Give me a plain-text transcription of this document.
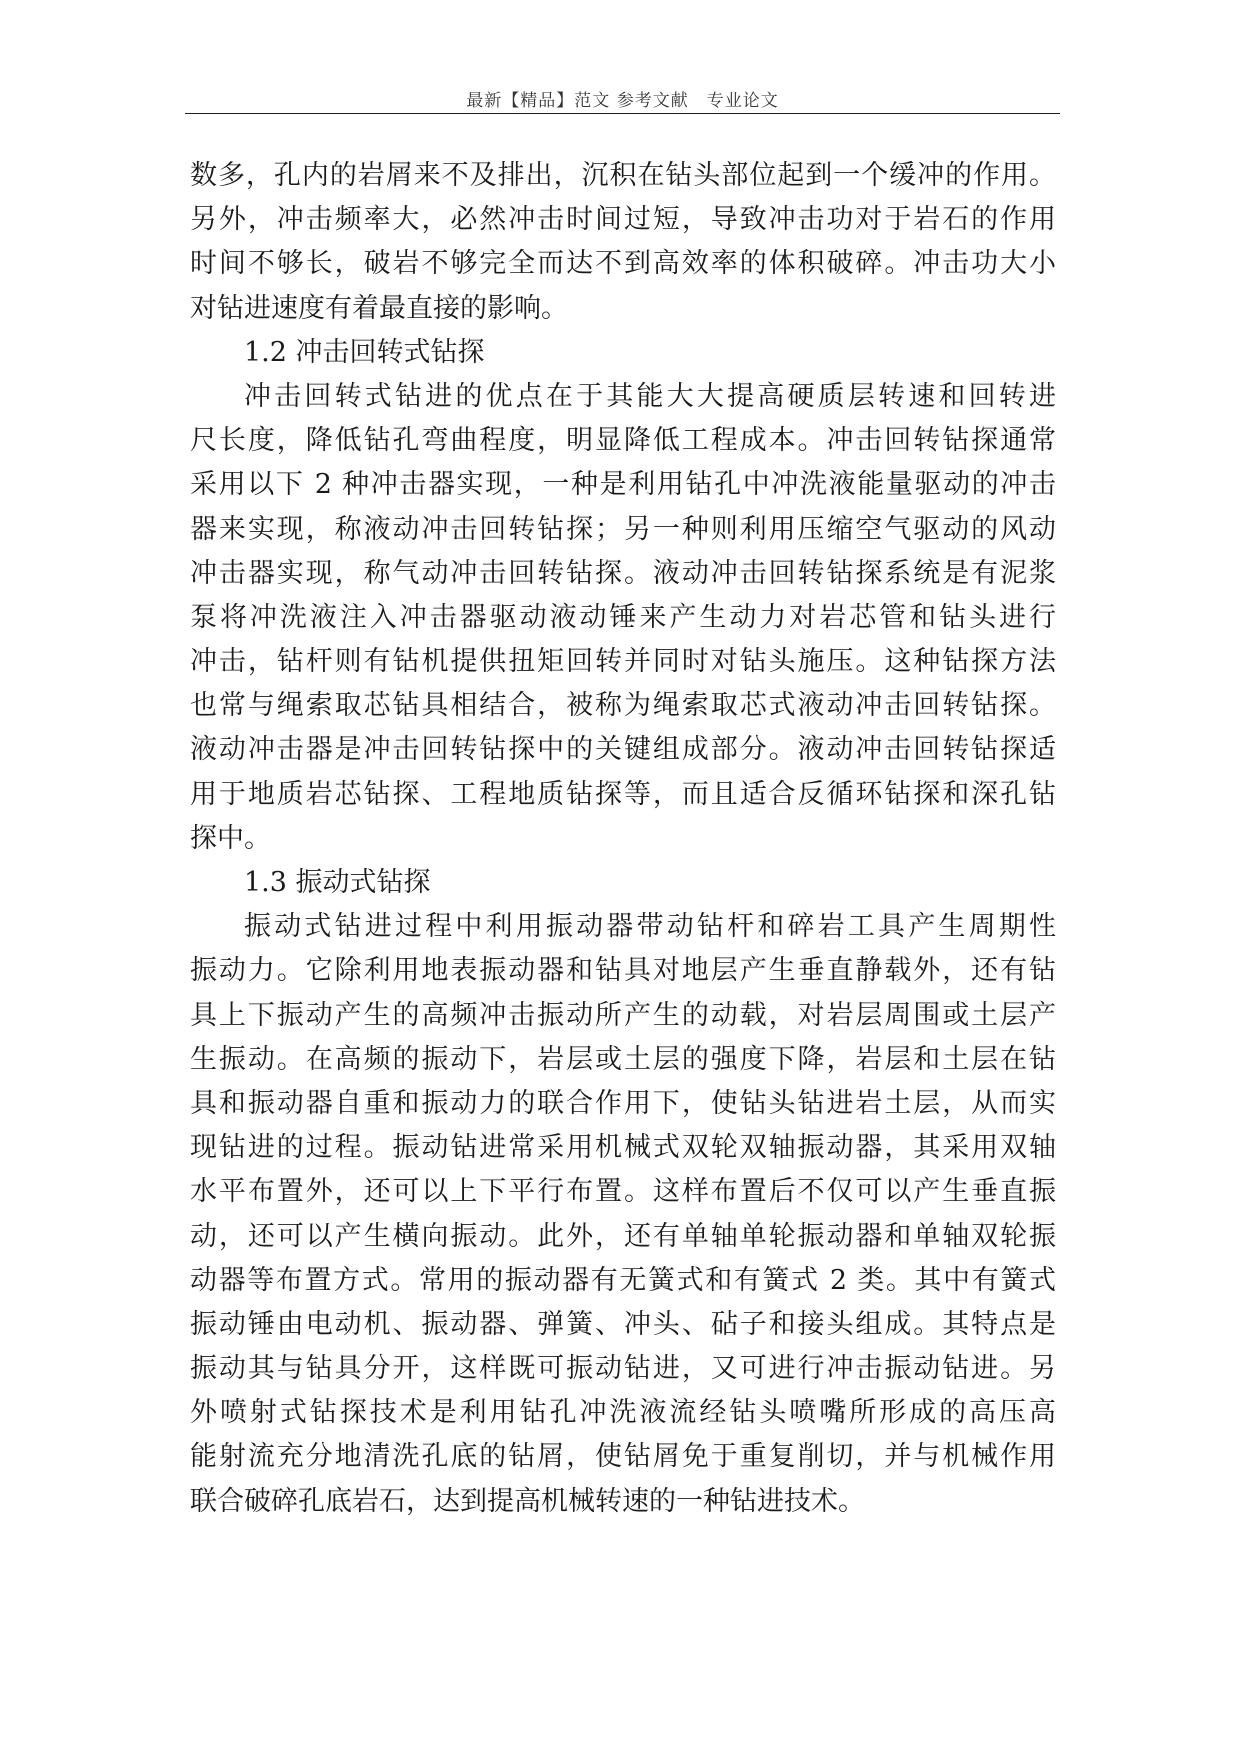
最新【精品】范文 参考文献　专业论文
数多，孔内的岩屑来不及排出，沉积在钻头部位起到一个缓冲的作用。
另外，冲击频率大，必然冲击时间过短，导致冲击功对于岩石的作用
时间不够长，破岩不够完全而达不到高效率的体积破碎。冲击功大小
对钻进速度有着最直接的影响。
1.2 冲击回转式钻探
冲击回转式钻进的优点在于其能大大提高硬质层转速和回转进
尺长度，降低钻孔弯曲程度，明显降低工程成本。冲击回转钻探通常
采用以下 2 种冲击器实现，一种是利用钻孔中冲洗液能量驱动的冲击
器来实现，称液动冲击回转钻探；另一种则利用压缩空气驱动的风动
冲击器实现，称气动冲击回转钻探。液动冲击回转钻探系统是有泥浆
泵将冲洗液注入冲击器驱动液动锤来产生动力对岩芯管和钻头进行
冲击，钻杆则有钻机提供扭矩回转并同时对钻头施压。这种钻探方法
也常与绳索取芯钻具相结合，被称为绳索取芯式液动冲击回转钻探。
液动冲击器是冲击回转钻探中的关键组成部分。液动冲击回转钻探适
用于地质岩芯钻探、工程地质钻探等，而且适合反循环钻探和深孔钻
探中。
1.3 振动式钻探
振动式钻进过程中利用振动器带动钻杆和碎岩工具产生周期性
振动力。它除利用地表振动器和钻具对地层产生垂直静载外，还有钻
具上下振动产生的高频冲击振动所产生的动载，对岩层周围或土层产
生振动。在高频的振动下，岩层或土层的强度下降，岩层和土层在钻
具和振动器自重和振动力的联合作用下，使钻头钻进岩土层，从而实
现钻进的过程。振动钻进常采用机械式双轮双轴振动器，其采用双轴
水平布置外，还可以上下平行布置。这样布置后不仅可以产生垂直振
动，还可以产生横向振动。此外，还有单轴单轮振动器和单轴双轮振
动器等布置方式。常用的振动器有无簧式和有簧式 2 类。其中有簧式
振动锤由电动机、振动器、弹簧、冲头、砧子和接头组成。其特点是
振动其与钻具分开，这样既可振动钻进，又可进行冲击振动钻进。另
外喷射式钻探技术是利用钻孔冲洗液流经钻头喷嘴所形成的高压高
能射流充分地清洗孔底的钻屑，使钻屑免于重复削切，并与机械作用
联合破碎孔底岩石，达到提高机械转速的一种钻进技术。
